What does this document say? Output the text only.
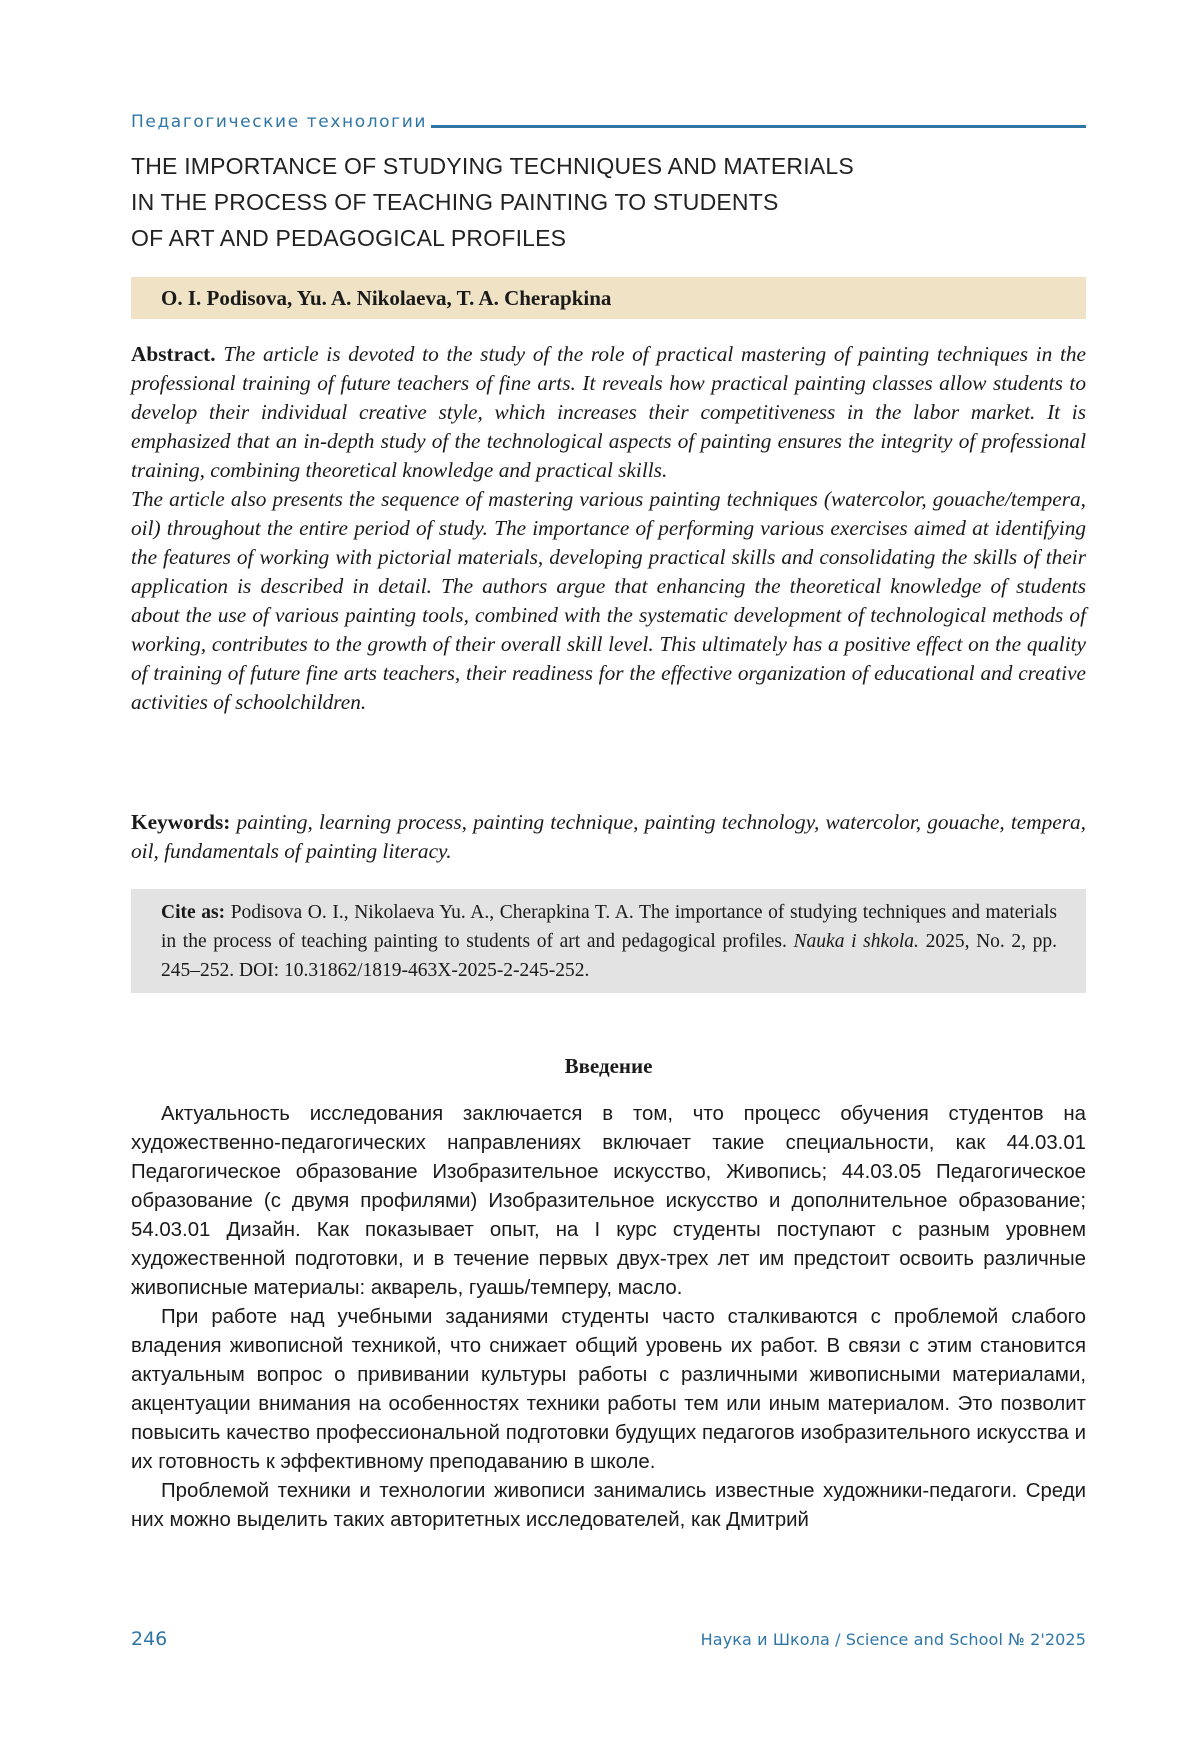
Педагогические технологии
THE IMPORTANCE OF STUDYING TECHNIQUES AND MATERIALS
IN THE PROCESS OF TEACHING PAINTING TO STUDENTS
OF ART AND PEDAGOGICAL PROFILES
O. I. Podisova, Yu. A. Nikolaeva, T. A. Cherapkina

Abstract. The article is devoted to the study of the role of practical mastering of painting techniques in the professional training of future teachers of fine arts. It reveals how practical painting classes allow students to develop their individual creative style, which increases their competitiveness in the labor market. It is emphasized that an in-depth study of the technological aspects of painting ensures the integrity of professional training, combining theoretical knowledge and practical skills.

The article also presents the sequence of mastering various painting techniques (watercolor, gouache/tempera, oil) throughout the entire period of study. The importance of performing various exercises aimed at identifying the features of working with pictorial materials, developing practical skills and consolidating the skills of their application is described in detail. The authors argue that enhancing the theoretical knowledge of students about the use of various painting tools, combined with the systematic development of technological methods of working, contributes to the growth of their overall skill level. This ultimately has a positive effect on the quality of training of future fine arts teachers, their readiness for the effective organization of educational and creative activities of schoolchildren.

Keywords: painting, learning process, painting technique, painting technology, watercolor, gouache, tempera, oil, fundamentals of painting literacy.
Cite as: Podisova O. I., Nikolaeva Yu. A., Cherapkina T. A. The importance of studying techniques and materials in the process of teaching painting to students of art and pedagogical profiles. Nauka i shkola. 2025, No. 2, pp. 245–252. DOI: 10.31862/1819-463X-2025-2-245-252.
Введение

Актуальность исследования заключается в том, что процесс обучения студентов на художественно-педагогических направлениях включает такие специальности, как 44.03.01 Педагогическое образование Изобразительное искусство, Живопись; 44.03.05 Педагогическое образование (с двумя профилями) Изобразительное искусство и дополнительное образование; 54.03.01 Дизайн. Как показывает опыт, на I курс студенты поступают с разным уровнем художественной подготовки, и в течение первых двух-трех лет им предстоит освоить различные живописные материалы: акварель, гуашь/темперу, масло.

При работе над учебными заданиями студенты часто сталкиваются с проблемой слабого владения живописной техникой, что снижает общий уровень их работ. В связи с этим становится актуальным вопрос о прививании культуры работы с различными живописными материалами, акцентуации внимания на особенностях техники работы тем или иным материалом. Это позволит повысить качество профессиональной подготовки будущих педагогов изобразительного искусства и их готовность к эффективному преподаванию в школе.

Проблемой техники и технологии живописи занимались известные художники-педагоги. Среди них можно выделить таких авторитетных исследователей, как Дмитрий

246	Наука и Школа / Science and School № 2'2025
